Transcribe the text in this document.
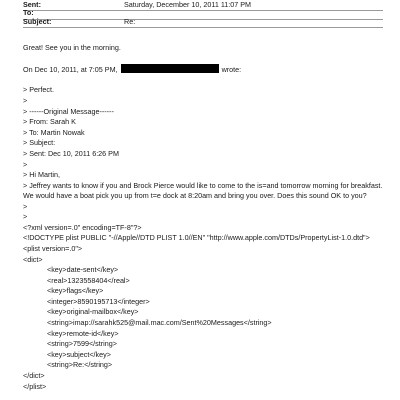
Sent:	Saturday, December 10, 2011 11:07 PM
To:
Subject:	Re:
Great! See you in the morning.
On Dec 10, 2011, at 7:05 PM,	wrote:
> Perfect.
>
> ------Original Message------
> From: Sarah K
> To: Martin Nowak
> Subject:
> Sent: Dec 10, 2011 6:26 PM
>
> Hi Martin,
> Jeffrey wants to know if you and Brock Pierce would like to come to the is=and tomorrow morning for breakfast. We would have a boat pick you up from t=e dock at 8:20am and bring you over. Does this sound OK to you?
>
>
<?xml version=.0" encoding=TF-8"?>
<!DOCTYPE plist PUBLIC "-//Apple//DTD PLIST 1.0//EN" "http://www.apple.com/DTDs/PropertyList-1.0.dtd">
<plist version=.0">
<dict>
<key>date-sent</key>
<real>1323558404</real>
<key>flags</key>
<integer>8590195713</integer>
<key>original-mailbox</key>
<string>imap://sarahk525@mail.mac.com/Sent%20Messages</string>
<key>remote-id</key>
<string>7599</string>
<key>subject</key>
<string>Re:</string>
</dict>
</plist>
